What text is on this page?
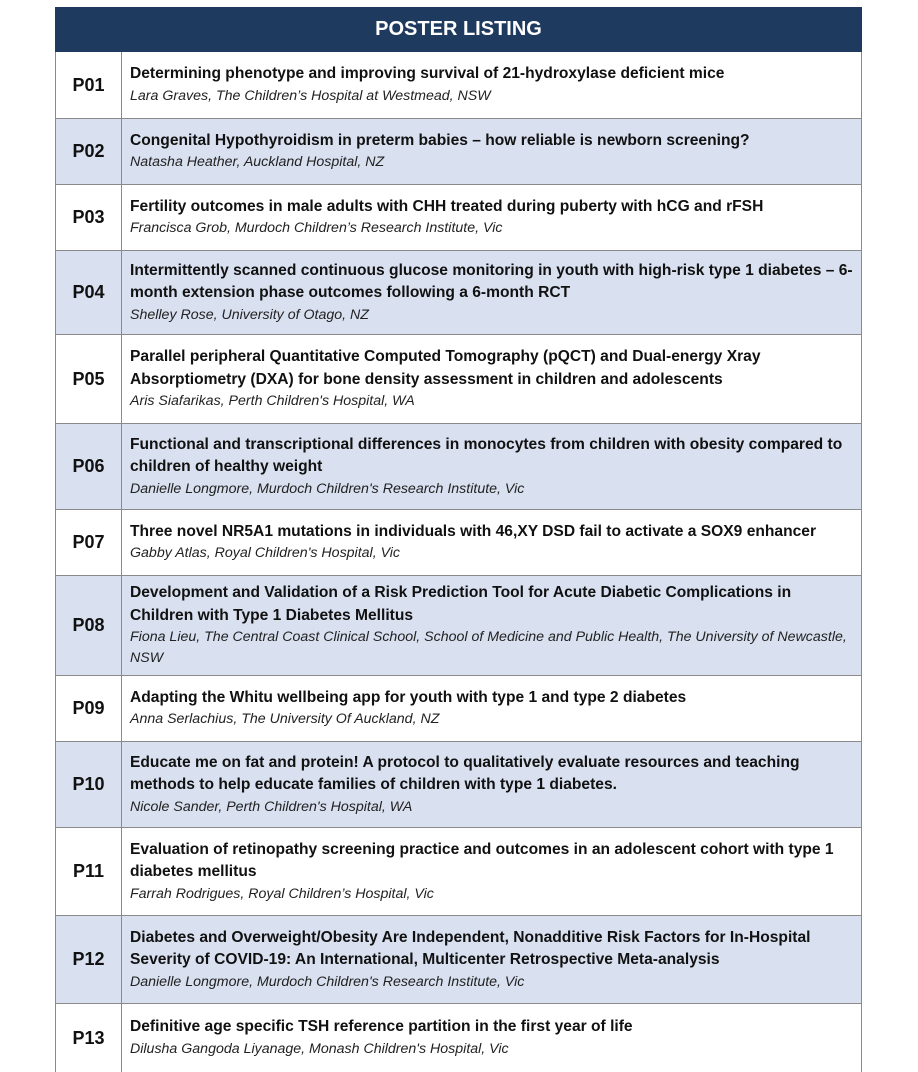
POSTER LISTING
P01
Determining phenotype and improving survival of 21-hydroxylase deficient mice
Lara Graves, The Children’s Hospital at Westmead, NSW
P02
Congenital Hypothyroidism in preterm babies – how reliable is newborn screening?
Natasha Heather, Auckland Hospital, NZ
P03
Fertility outcomes in male adults with CHH treated during puberty with hCG and rFSH
Francisca Grob, Murdoch Children’s Research Institute, Vic
P04
Intermittently scanned continuous glucose monitoring in youth with high-risk type 1 diabetes – 6-month extension phase outcomes following a 6-month RCT
Shelley Rose, University of Otago, NZ
P05
Parallel peripheral Quantitative Computed Tomography (pQCT) and Dual-energy Xray Absorptiometry (DXA) for bone density assessment in children and adolescents
Aris Siafarikas, Perth Children's Hospital, WA
P06
Functional and transcriptional differences in monocytes from children with obesity compared to children of healthy weight
Danielle Longmore, Murdoch Children's Research Institute, Vic
P07
Three novel NR5A1 mutations in individuals with 46,XY DSD fail to activate a SOX9 enhancer
Gabby Atlas, Royal Children's Hospital, Vic
P08
Development and Validation of a Risk Prediction Tool for Acute Diabetic Complications in Children with Type 1 Diabetes Mellitus
Fiona Lieu, The Central Coast Clinical School, School of Medicine and Public Health, The University of Newcastle, NSW
P09
Adapting the Whitu wellbeing app for youth with type 1 and type 2 diabetes
Anna Serlachius, The University Of Auckland, NZ
P10
Educate me on fat and protein! A protocol to qualitatively evaluate resources and teaching methods to help educate families of children with type 1 diabetes.
Nicole Sander, Perth Children's Hospital, WA
P11
Evaluation of retinopathy screening practice and outcomes in an adolescent cohort with type 1 diabetes mellitus
Farrah Rodrigues, Royal Children’s Hospital, Vic
P12
Diabetes and Overweight/Obesity Are Independent, Nonadditive Risk Factors for In-Hospital Severity of COVID-19: An International, Multicenter Retrospective Meta-analysis
Danielle Longmore, Murdoch Children's Research Institute, Vic
P13
Definitive age specific TSH reference partition in the first year of life
Dilusha Gangoda Liyanage, Monash Children's Hospital, Vic
